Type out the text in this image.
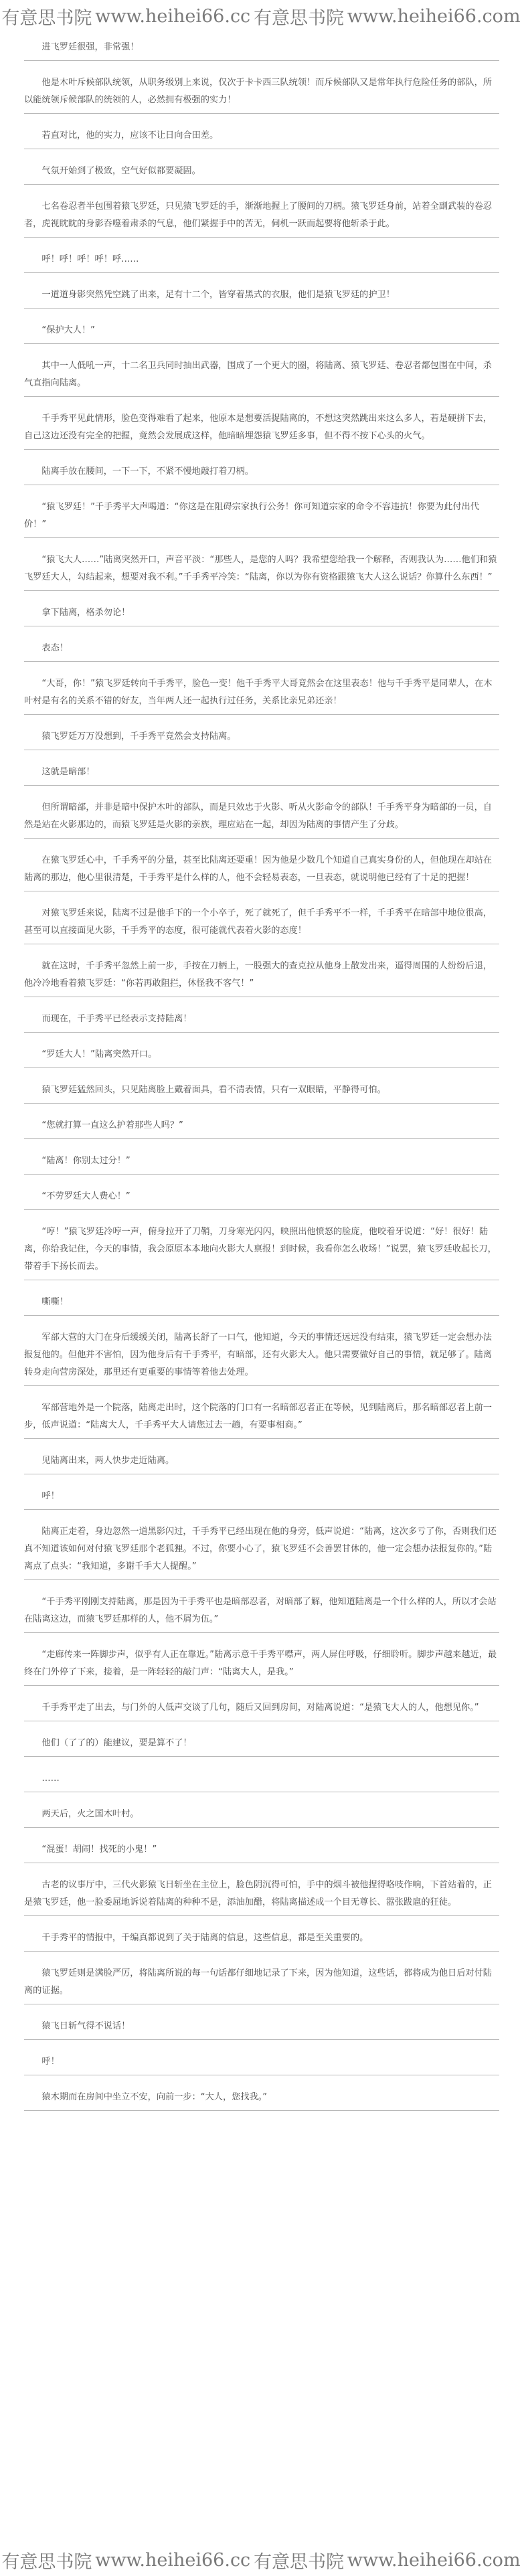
有意思书院 www.heihei66.cc 有意思书院 www.heihei66.com
进飞罗廷很强，非常强！
他是木叶斥候部队统领，从职务级别上来说，仅次于卡卡西三队统领！而斥候部队又是常年执行危险任务的部队，所以能统领斥候部队的统领的人，必然拥有极强的实力！
若直对比，他的实力，应该不让日向合田差。
气氛开始到了极致，空气好似都要凝固。
七名卷忍者半包围着猿飞罗廷，只见猿飞罗廷的手，渐渐地握上了腰间的刀柄。猿飞罗廷身前，站着全副武装的卷忍者，虎视眈眈的身影吞噬着肃杀的气息，他们紧握手中的苦无，伺机一跃而起要将他斩杀于此。
呼！呼！呼！呼！呼……
一道道身影突然凭空跳了出来，足有十二个，皆穿着黑式的衣服，他们是猿飞罗廷的护卫！
“保护大人！”
其中一人低吼一声，十二名卫兵同时抽出武器，围成了一个更大的圈，将陆离、猿飞罗廷、卷忍者都包围在中间，杀气直指向陆离。
千手秀平见此情形，脸色变得难看了起来，他原本是想要活捉陆离的，不想这突然跳出来这么多人，若是硬拼下去，自己这边还没有完全的把握，竟然会发展成这样，他暗暗埋怨猿飞罗廷多事，但不得不按下心头的火气。
陆离手放在腰间，一下一下，不紧不慢地敲打着刀柄。
“猿飞罗廷！”千手秀平大声喝道：“你这是在阻碍宗家执行公务！你可知道宗家的命令不容违抗！你要为此付出代价！”
“猿飞大人……”陆离突然开口，声音平淡：“那些人，是您的人吗？我希望您给我一个解释，否则我认为……他们和猿飞罗廷大人，勾结起来，想要对我不利。”千手秀平冷笑：“陆离，你以为你有资格跟猿飞大人这么说话？你算什么东西！”
拿下陆离，格杀勿论！
表态！
“大哥，你！”猿飞罗廷转向千手秀平，脸色一变！他千手秀平大哥竟然会在这里表态！他与千手秀平是同辈人，在木叶村是有名的关系不错的好友，当年两人还一起执行过任务，关系比亲兄弟还亲！
猿飞罗廷万万没想到，千手秀平竟然会支持陆离。
这就是暗部！
但所谓暗部，并非是暗中保护木叶的部队，而是只效忠于火影、听从火影命令的部队！千手秀平身为暗部的一员，自然是站在火影那边的，而猿飞罗廷是火影的亲族，理应站在一起，却因为陆离的事情产生了分歧。
在猿飞罗廷心中，千手秀平的分量，甚至比陆离还要重！因为他是少数几个知道自己真实身份的人，但他现在却站在陆离的那边，他心里很清楚，千手秀平是什么样的人，他不会轻易表态，一旦表态，就说明他已经有了十足的把握！
对猿飞罗廷来说，陆离不过是他手下的一个小卒子，死了就死了，但千手秀平不一样，千手秀平在暗部中地位很高，甚至可以直接面见火影，千手秀平的态度，很可能就代表着火影的态度！
就在这时，千手秀平忽然上前一步，手按在刀柄上，一股强大的查克拉从他身上散发出来，逼得周围的人纷纷后退，他冷冷地看着猿飞罗廷：“你若再敢阻拦，休怪我不客气！”
而现在，千手秀平已经表示支持陆离！
“罗廷大人！”陆离突然开口。
猿飞罗廷猛然回头，只见陆离脸上戴着面具，看不清表情，只有一双眼睛，平静得可怕。
“您就打算一直这么护着那些人吗？”
“陆离！你别太过分！”
“不劳罗廷大人费心！”
“哼！”猿飞罗廷冷哼一声，俯身拉开了刀鞘，刀身寒光闪闪，映照出他愤怒的脸庞，他咬着牙说道：“好！很好！陆离，你给我记住，今天的事情，我会原原本本地向火影大人禀报！到时候，我看你怎么收场！”说罢，猿飞罗廷收起长刀，带着手下扬长而去。
嘶嘶！
军部大营的大门在身后缓缓关闭，陆离长舒了一口气，他知道，今天的事情还远远没有结束，猿飞罗廷一定会想办法报复他的。但他并不害怕，因为他身后有千手秀平，有暗部，还有火影大人。他只需要做好自己的事情，就足够了。陆离转身走向营房深处，那里还有更重要的事情等着他去处理。
军部营地外是一个院落，陆离走出时，这个院落的门口有一名暗部忍者正在等候，见到陆离后，那名暗部忍者上前一步，低声说道：“陆离大人，千手秀平大人请您过去一趟，有要事相商。”
见陆离出来，两人快步走近陆离。
呼！
陆离正走着，身边忽然一道黑影闪过，千手秀平已经出现在他的身旁，低声说道：“陆离，这次多亏了你，否则我们还真不知道该如何对付猿飞罗廷那个老狐狸。不过，你要小心了，猿飞罗廷不会善罢甘休的，他一定会想办法报复你的。”陆离点了点头：“我知道，多谢千手大人提醒。”
“千手秀平刚刚支持陆离，那是因为千手秀平也是暗部忍者，对暗部了解，他知道陆离是一个什么样的人，所以才会站在陆离这边，而猿飞罗廷那样的人，他不屑为伍。”
“走廊传来一阵脚步声，似乎有人正在靠近。”陆离示意千手秀平噤声，两人屏住呼吸，仔细聆听。脚步声越来越近，最终在门外停了下来，接着，是一阵轻轻的敲门声：“陆离大人，是我。”
千手秀平走了出去，与门外的人低声交谈了几句，随后又回到房间，对陆离说道：“是猿飞大人的人，他想见你。”
他们（了了的）能建议，要是算不了！
……
两天后，火之国木叶村。
“混蛋！胡闹！找死的小鬼！”
古老的议事厅中，三代火影猿飞日斩坐在主位上，脸色阴沉得可怕，手中的烟斗被他捏得咯吱作响，下首站着的，正是猿飞罗廷，他一脸委屈地诉说着陆离的种种不是，添油加醋，将陆离描述成一个目无尊长、嚣张跋扈的狂徒。
千手秀平的情报中，千编真都说到了关于陆离的信息，这些信息，都是至关重要的。
猿飞罗廷则是满脸严厉，将陆离所说的每一句话都仔细地记录了下来，因为他知道，这些话，都将成为他日后对付陆离的证据。
猿飞日斩气得不说话！
呼！
猿木期而在房间中坐立不安，向前一步：“大人，您找我。”
有意思书院 www.heihei66.cc 有意思书院 www.heihei66.com
